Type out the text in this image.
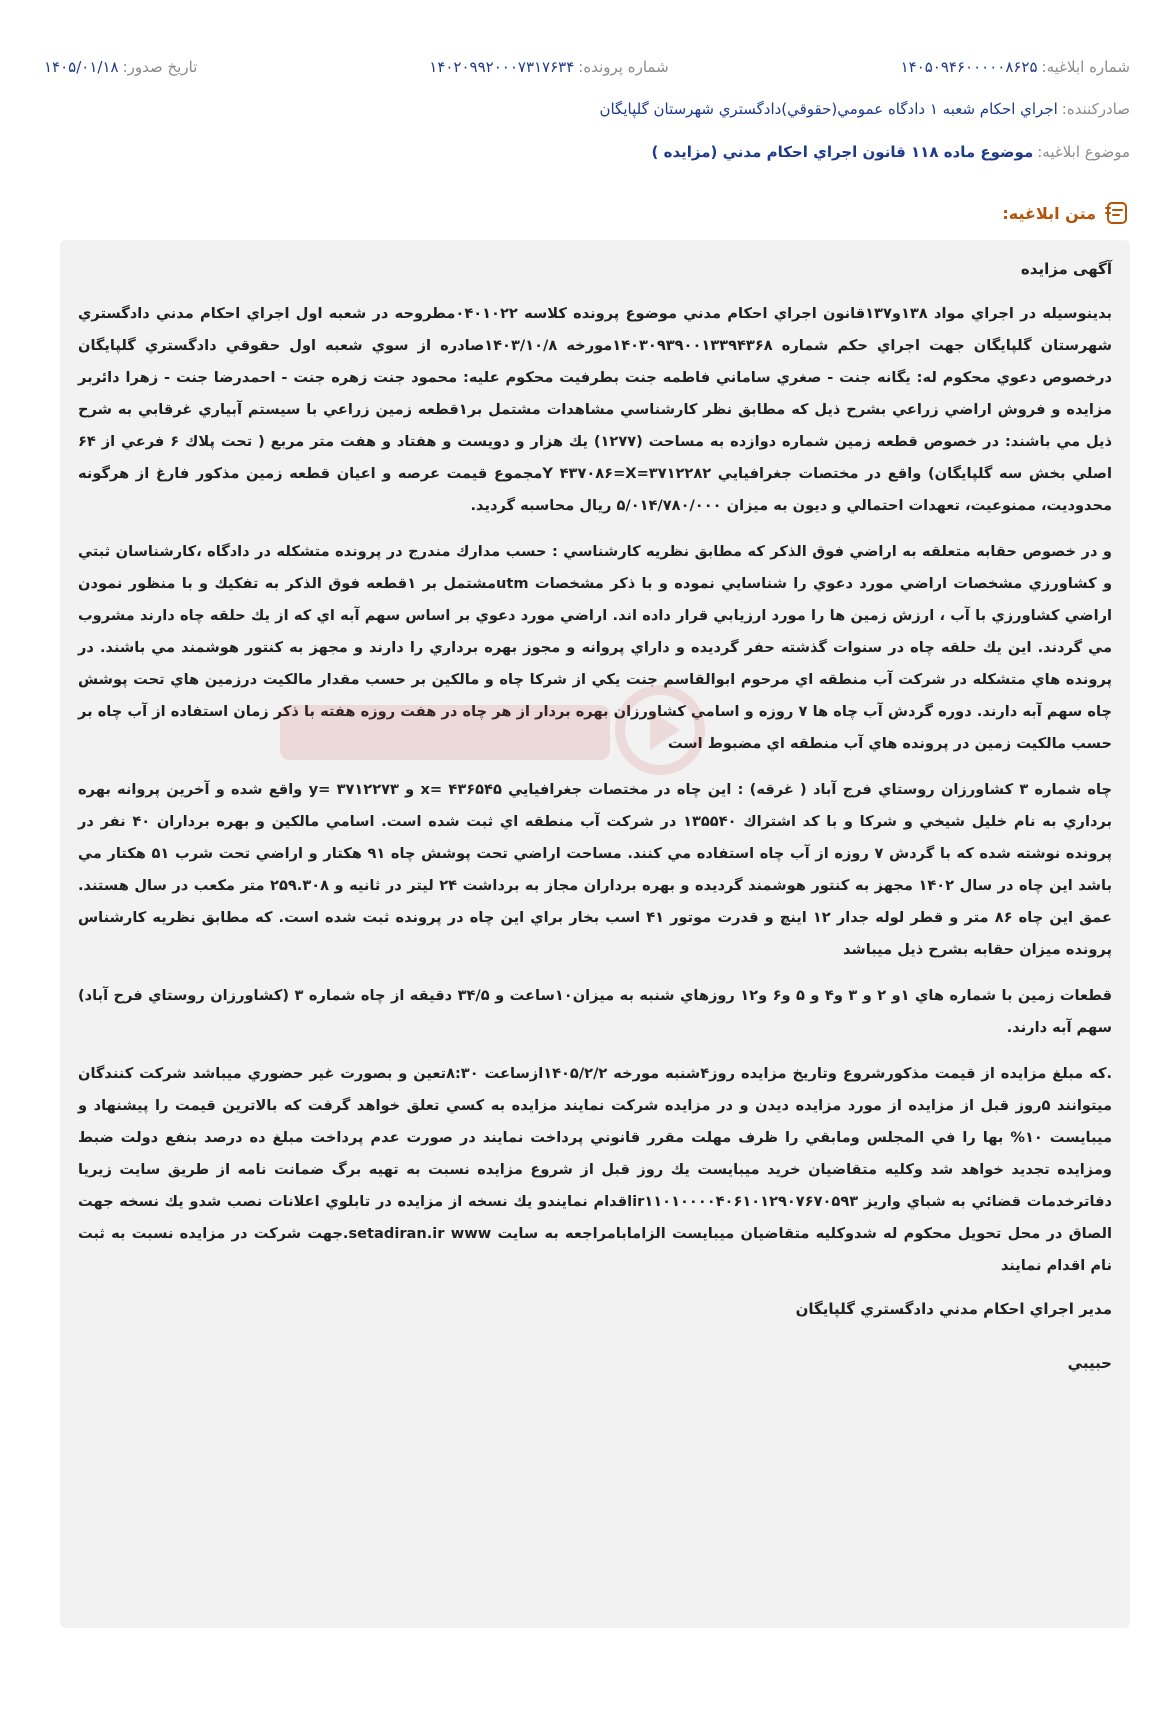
شماره ابلاغيه:
۱۴۰۵۰۹۴۶۰۰۰۰۰۸۶۲۵
شماره پرونده:
۱۴۰۲۰۹۹۲۰۰۰۷۳۱۷۶۳۴
تاريخ صدور:
۱۴۰۵/۰۱/۱۸
صادرکننده:
اجراي احکام شعبه ۱ دادگاه عمومي(حقوقي)دادگستري شهرستان گلپايگان
موضوع ابلاغيه:
موضوع ماده ۱۱۸ قانون اجراي احکام مدني (مزايده )
متن ابلاغيه:
آگهی مزایده

بدينوسيله در اجراي مواد ۱۳۸و۱۳۷قانون اجراي احكام مدني موضوع پرونده كلاسه ۰۴۰۱۰۲۲مطروحه در شعبه اول اجراي احكام مدني دادگستري شهرستان گلپايگان جهت اجراي حكم شماره ۱۴۰۳۰۹۳۹۰۰۱۳۳۹۴۳۶۸مورخه ۱۴۰۳/۱۰/۸صادره از سوي شعبه اول حقوقي دادگستري گلپايگان درخصوص دعوي محكوم له: يگانه جنت - صغري ساماني فاطمه جنت بطرفيت محكوم عليه: محمود جنت زهره جنت - احمدرضا جنت - زهرا دائربر مزايده و فروش اراضي زراعي بشرح ذيل كه مطابق نظر كارشناسي مشاهدات مشتمل بر۱قطعه زمين زراعي با سيستم آبياري غرقابي به شرح ذيل مي باشند: در خصوص قطعه زمين شماره دوازده به مساحت (۱۲۷۷) يك هزار و دويست و هفتاد و هفت متر مربع ( تحت پلاك ۶ فرعي از ۶۴ اصلي بخش سه گلپايگان) واقع در مختصات جغرافيايي ۳۷۱۲۲۸۲=Y ۴۳۷۰۸۶=Xمجموع قيمت عرصه و اعيان قطعه زمين مذكور فارغ از هرگونه محدوديت، ممنوعيت، تعهدات احتمالي و ديون به ميزان ۵/۰۱۴/۷۸۰/۰۰۰ ريال محاسبه گرديد.

و در خصوص حقابه متعلقه به اراضي فوق الذكر كه مطابق نظريه كارشناسي : حسب مدارك مندرج در پرونده متشكله در دادگاه ،كارشناسان ثبتي و كشاورزي مشخصات اراضي مورد دعوي را شناسايي نموده و با ذكر مشخصات utmمشتمل بر ۱قطعه فوق الذكر به تفكيك و با منظور نمودن اراضي كشاورزي با آب ، ارزش زمين ها را مورد ارزيابي قرار داده اند. اراضي مورد دعوي بر اساس سهم آبه اي كه از يك حلقه چاه دارند مشروب مي گردند. اين يك حلقه چاه در سنوات گذشته حفر گرديده و داراي پروانه و مجوز بهره برداري را دارند و مجهز به كنتور هوشمند مي باشند. در پرونده هاي متشكله در شركت آب منطقه اي مرحوم ابوالقاسم جنت يكي از شركا چاه و مالكين بر حسب مقدار مالكيت درزمين هاي تحت پوشش چاه سهم آبه دارند. دوره گردش آب چاه ها ۷ روزه و اسامي كشاورزان بهره بردار از هر چاه در هفت روزه هفته با ذكر زمان استفاده از آب چاه بر حسب مالكيت زمين در پرونده هاي آب منطقه اي مضبوط است

چاه شماره ۳ كشاورزان روستاي فرج آباد ( غرقه) : اين چاه در مختصات جغرافيايي ۴۳۶۵۴۵ =x و ۳۷۱۲۲۷۳ =y واقع شده و آخرين پروانه بهره برداري به نام خليل شيخي و شركا و با كد اشتراك ۱۳۵۵۴۰ در شركت آب منطقه اي ثبت شده است. اسامي مالكين و بهره برداران ۴۰ نفر در پرونده نوشته شده كه با گردش ۷ روزه از آب چاه استفاده مي كنند. مساحت اراضي تحت پوشش چاه ۹۱ هكتار و اراضي تحت شرب ۵۱ هكتار مي باشد اين چاه در سال ۱۴۰۲ مجهز به كنتور هوشمند گرديده و بهره برداران مجاز به برداشت ۲۴ ليتر در ثانيه و ۲۵۹.۳۰۸ متر مكعب در سال هستند. عمق اين چاه ۸۶ متر و قطر لوله جدار ۱۲ اينچ و قدرت موتور ۴۱ اسب بخار براي اين چاه در پرونده ثبت شده است. كه مطابق نظريه كارشناس پرونده ميزان حقابه بشرح ذيل ميباشد

قطعات زمين با شماره هاي ۱و ۲ و ۳ و۴ و ۵ و۶ و۱۲ روزهاي شنبه به ميزان۱۰ساعت و ۳۴/۵ دقيقه از چاه شماره ۳ (كشاورزان روستاي فرح آباد) سهم آبه دارند.

.كه مبلغ مزايده از قيمت مذكورشروع وتاريخ مزايده روز۴شنبه مورخه ۱۴۰۵/۲/۲ازساعت ۸:۳۰تعين و بصورت غير حضوري ميباشد شركت كنندگان ميتوانند ۵روز قبل از مزايده از مورد مزايده ديدن و در مزايده شركت نمايند مزايده به كسي تعلق خواهد گرفت كه بالاترين قيمت را پيشنهاد و ميبايست ۱۰% بها را في المجلس ومابقي را ظرف مهلت مقرر قانوني پرداخت نمايند در صورت عدم پرداخت مبلغ ده درصد بنفع دولت ضبط ومزايده تجديد خواهد شد وكليه متقاضيان خريد ميبايست يك روز قبل از شروع مزايده نسبت به تهيه برگ ضمانت نامه از طريق سايت زيريا دفاترخدمات قضائي به شباي واريز ir۱۱۰۱۰۰۰۰۴۰۶۱۰۱۲۹۰۷۶۷۰۵۹۳اقدام نمايندو يك نسخه از مزايده در تابلوي اعلانات نصب شدو يك نسخه جهت الصاق در محل تحويل محكوم له شدوكليه متقاضيان ميبايست الزامابامراجعه به سايت setadiran.ir www.جهت شركت در مزايده نسبت به ثبت نام اقدام نمايند

مدير اجراي احكام مدني دادگستري گلپايگان
حبيبي
